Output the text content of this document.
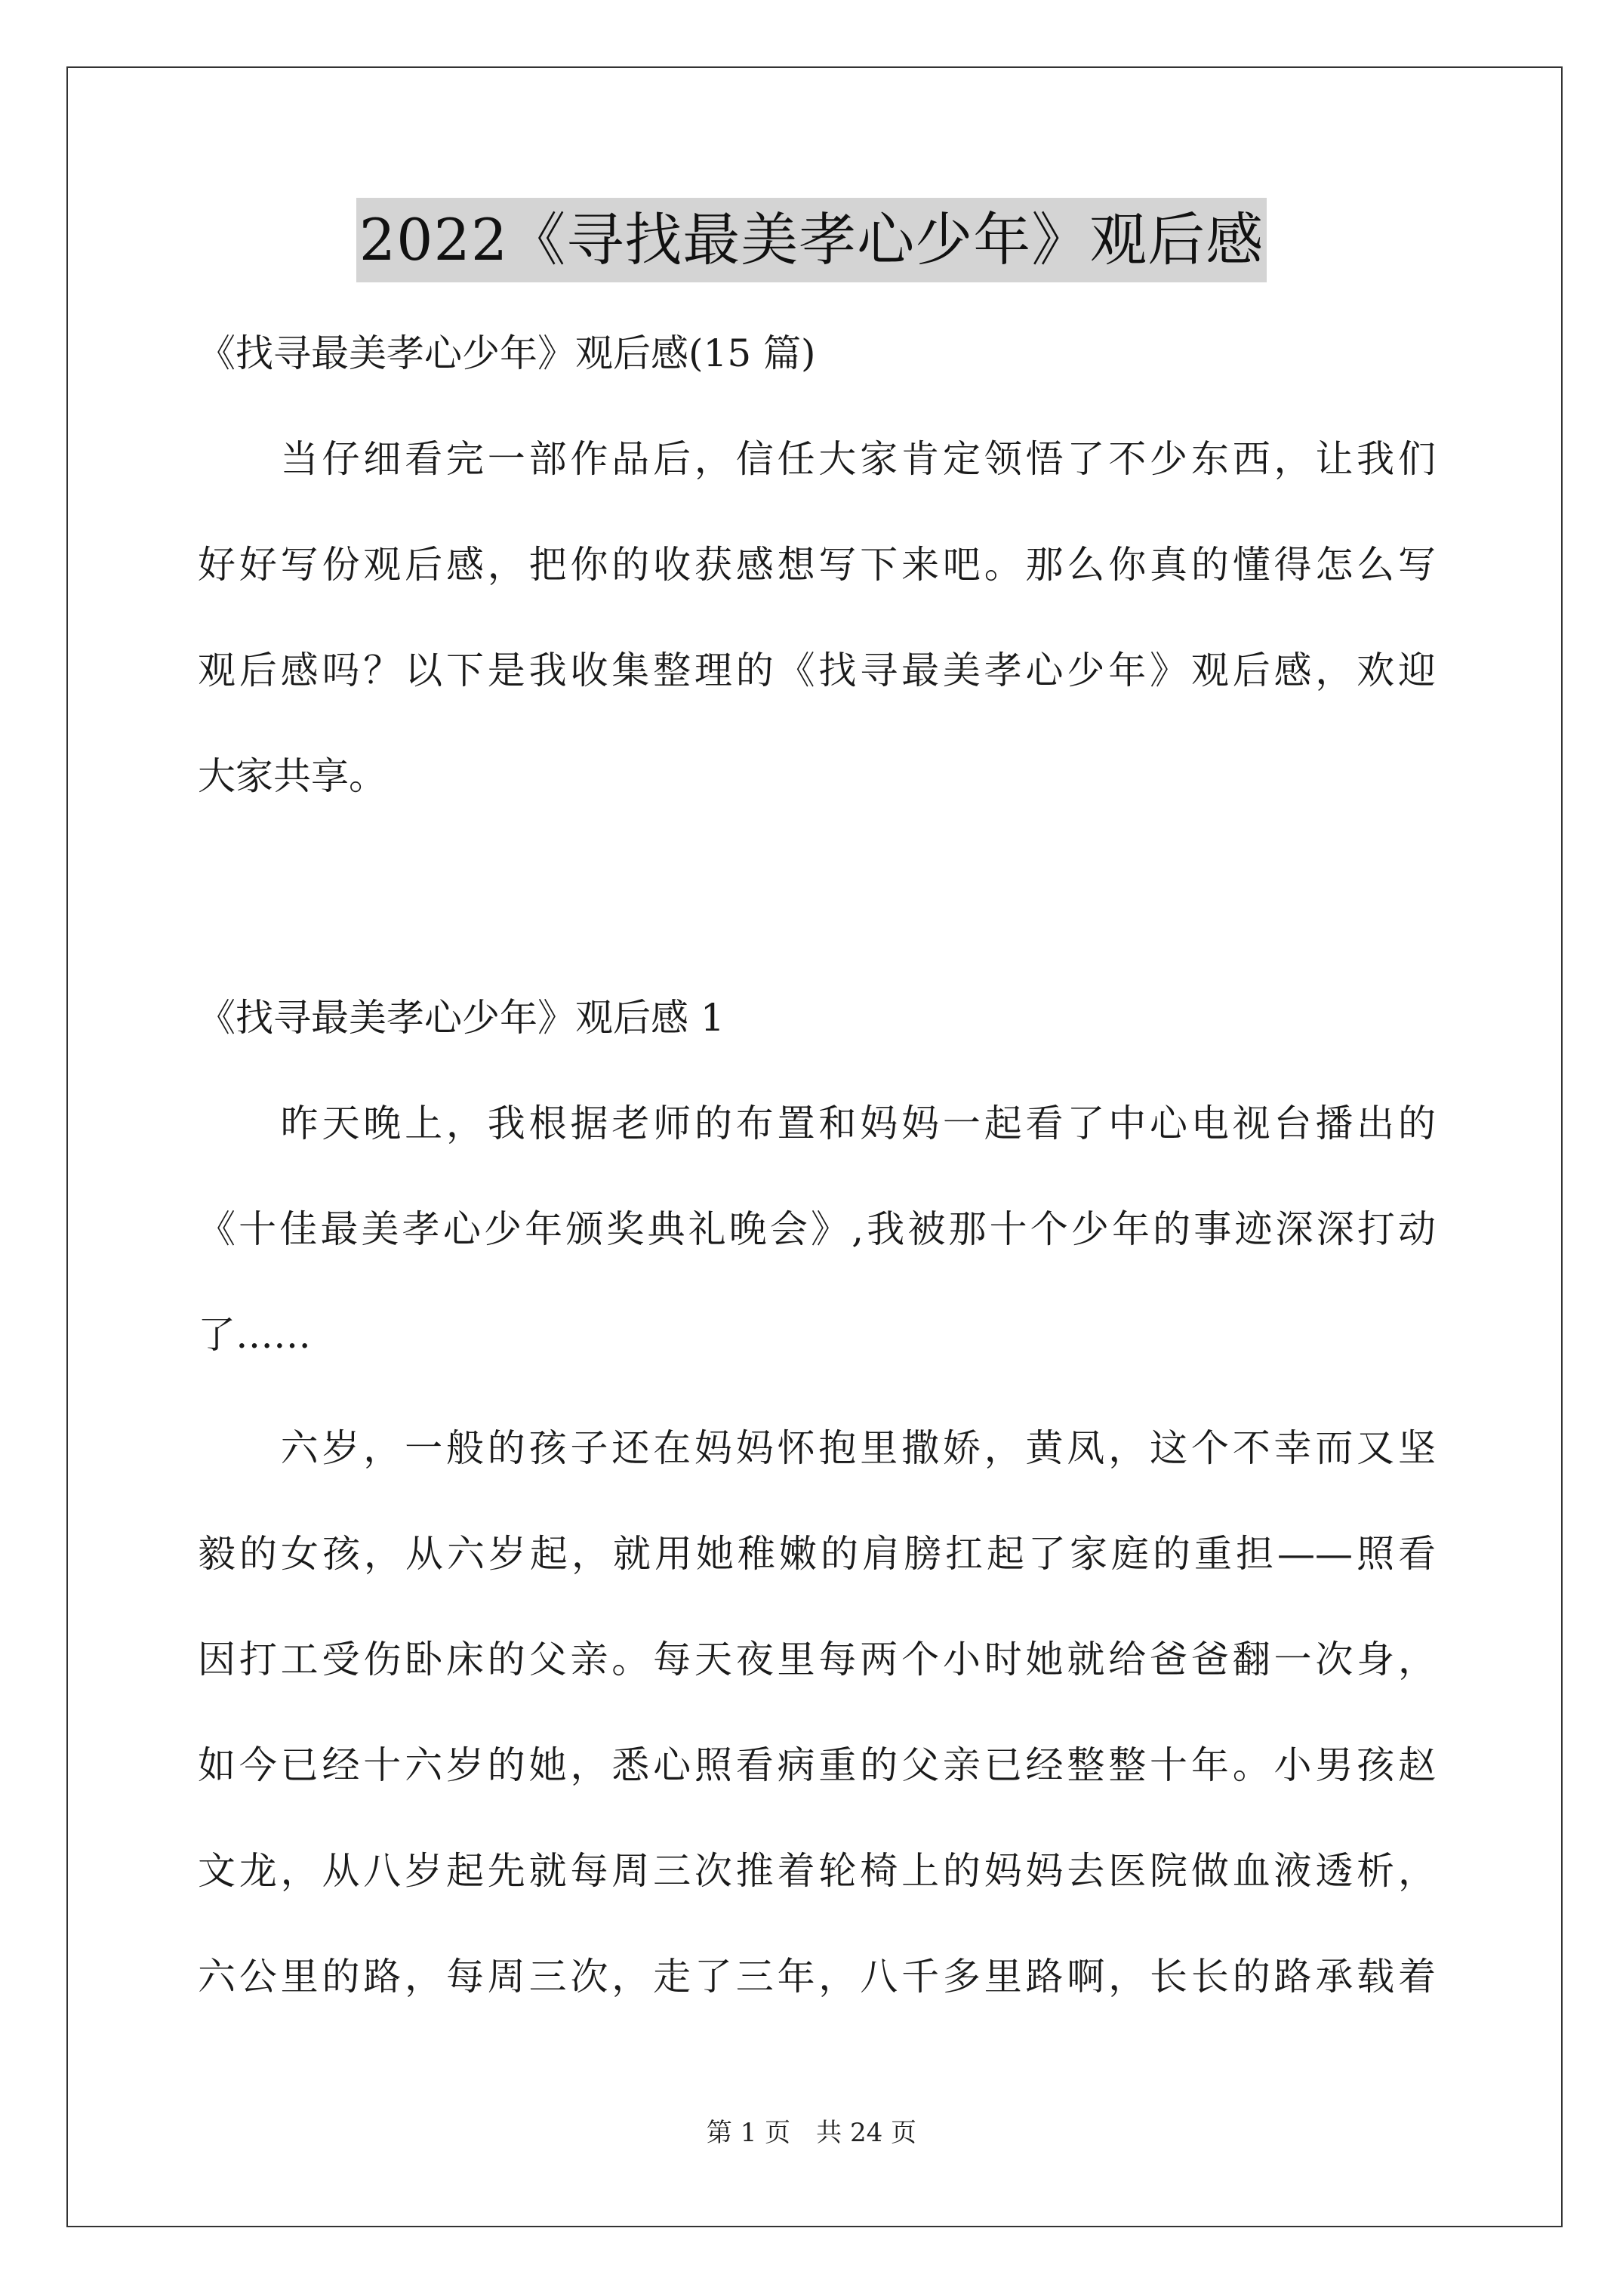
2022《寻找最美孝心少年》观后感

《找寻最美孝心少年》观后感(15 篇)

　　当仔细看完一部作品后，信任大家肯定领悟了不少东西，让我们
好好写份观后感，把你的收获感想写下来吧。那么你真的懂得怎么写
观后感吗？以下是我收集整理的《找寻最美孝心少年》观后感，欢迎
大家共享。

《找寻最美孝心少年》观后感 1

　　昨天晚上，我根据老师的布置和妈妈一起看了中心电视台播出的
《十佳最美孝心少年颁奖典礼晚会》,我被那十个少年的事迹深深打动
了……

　　六岁，一般的孩子还在妈妈怀抱里撒娇，黄凤，这个不幸而又坚
毅的女孩，从六岁起，就用她稚嫩的肩膀扛起了家庭的重担——照看
因打工受伤卧床的父亲。每天夜里每两个小时她就给爸爸翻一次身，
如今已经十六岁的她，悉心照看病重的父亲已经整整十年。小男孩赵
文龙，从八岁起先就每周三次推着轮椅上的妈妈去医院做血液透析，
六公里的路，每周三次，走了三年，八千多里路啊，长长的路承载着

第 1 页　共 24 页
